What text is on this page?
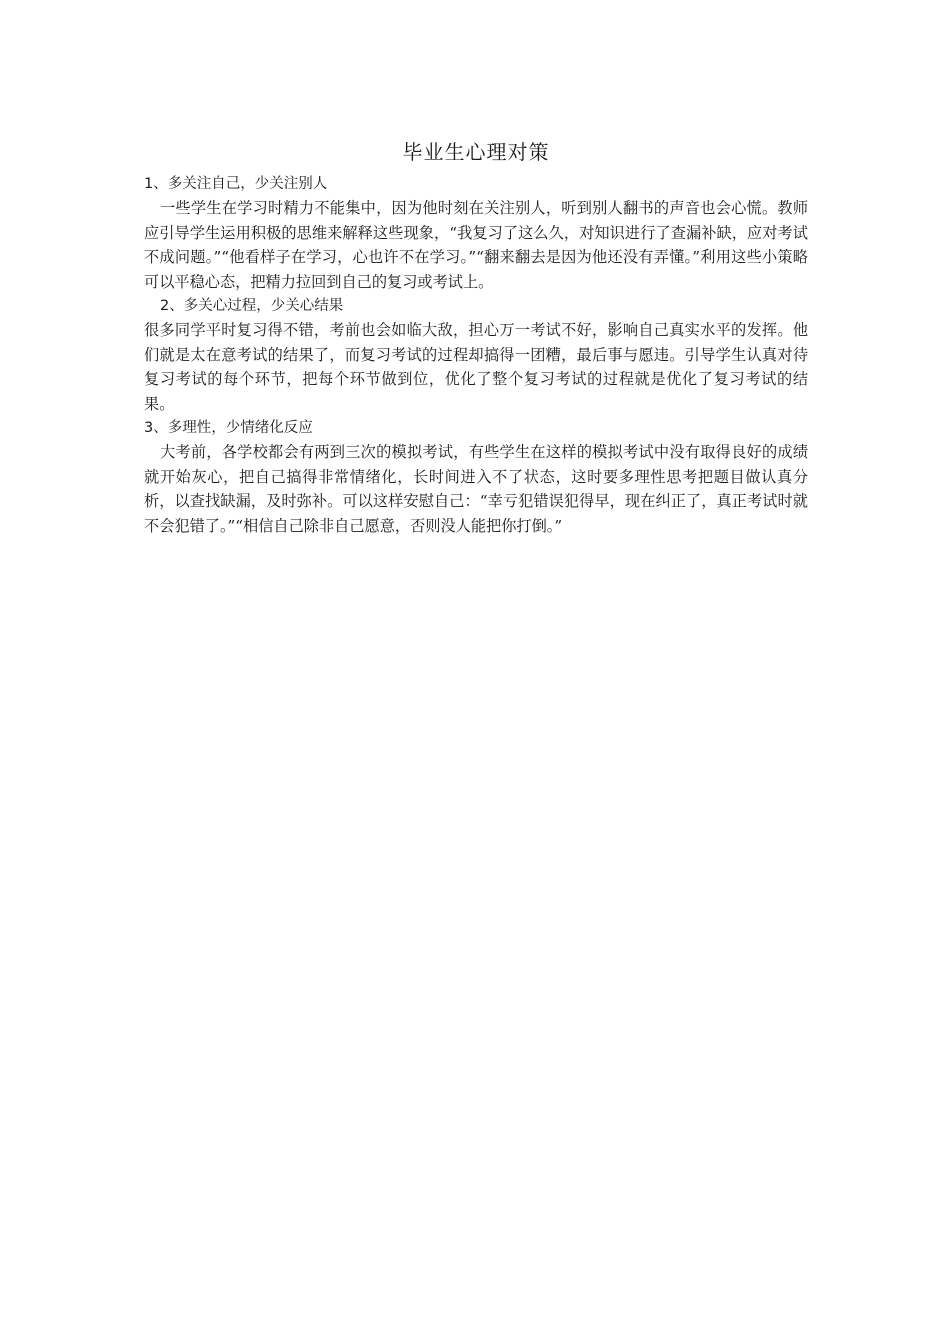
毕业生心理对策
1、多关注自己，少关注别人

一些学生在学习时精力不能集中，因为他时刻在关注别人，听到别人翻书的声音也会心慌。教师应引导学生运用积极的思维来解释这些现象，“我复习了这么久，对知识进行了查漏补缺，应对考试不成问题。”“他看样子在学习，心也许不在学习。”“翻来翻去是因为他还没有弄懂。”利用这些小策略可以平稳心态，把精力拉回到自己的复习或考试上。

2、多关心过程，少关心结果

很多同学平时复习得不错，考前也会如临大敌，担心万一考试不好，影响自己真实水平的发挥。他们就是太在意考试的结果了，而复习考试的过程却搞得一团糟，最后事与愿违。引导学生认真对待复习考试的每个环节，把每个环节做到位，优化了整个复习考试的过程就是优化了复习考试的结果。

3、多理性，少情绪化反应

大考前，各学校都会有两到三次的模拟考试，有些学生在这样的模拟考试中没有取得良好的成绩就开始灰心，把自己搞得非常情绪化，长时间进入不了状态，这时要多理性思考把题目做认真分析，以查找缺漏，及时弥补。可以这样安慰自己：“幸亏犯错误犯得早，现在纠正了，真正考试时就不会犯错了。”“相信自己除非自己愿意，否则没人能把你打倒。”
